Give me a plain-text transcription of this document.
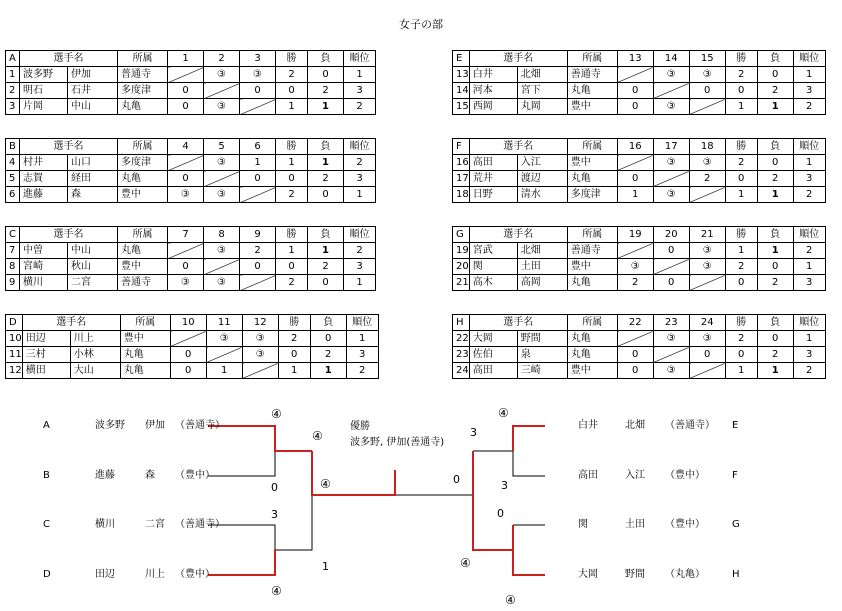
女子の部
A	選手名		所属	1	2	3	勝	負	順位
1	波多野	伊加	普通寺		③	③	2	0	1
2	明石	石井	多度津	0		0	0	2	3
3	片岡	中山	丸亀	0	③		1	1	2
B	選手名		所属	4	5	6	勝	負	順位
4	村井	山口	多度津		③	1	1	1	2
5	志賀	経田	丸亀	0		0	0	2	3
6	進藤	森	豊中	③	③		2	0	1
C	選手名		所属	7	8	9	勝	負	順位
7	中曽	中山	丸亀		③	2	1	1	2
8	宮崎	秋山	豊中	0		0	0	2	3
9	横川	二宮	善通寺	③	③		2	0	1
D	選手名		所属	10	11	12	勝	負	順位
10	田辺	川上	豊中		③	③	2	0	1
11	三村	小林	丸亀	0		③	0	2	3
12	横田	大山	丸亀	0	1		1	1	2
E	選手名		所属	13	14	15	勝	負	順位
13	白井	北畑	善通寺		③	③	2	0	1
14	河本	宮下	丸亀	0		0	0	2	3
15	西岡	丸岡	豊中	0	③		1	1	2
F	選手名		所属	16	17	18	勝	負	順位
16	高田	入江	豊中		③	③	2	0	1
17	荒井	渡辺	丸亀	0		2	0	2	3
18	日野	清水	多度津	1	③		1	1	2
G	選手名		所属	19	20	21	勝	負	順位
19	宮武	北畑	善通寺		0	③	1	1	2
20	関	土田	豊中	③		③	2	0	1
21	高木	高岡	丸亀	2	0		0	2	3
H	選手名		所属	22	23	24	勝	負	順位
22	大岡	野間	丸亀		③	③	2	0	1
23	佐伯	泉	丸亀	0		0	0	2	3
24	高田	三崎	豊中	0	③		1	1	2
優勝
波多野, 伊加(善通寺)
④
0
3
④
④
1
④	0
④
3
0
④
3
④
A	波多野 伊加 （善通寺）
B	進藤	森 （豊中）
C	横川	二宮 （善通寺）
D	田辺	川上 （豊中）
白井	北畑 （善通寺） E
高田	入江 （豊中）	F
関	土田 （豊中）	G
大岡	野間 （丸亀）	H
